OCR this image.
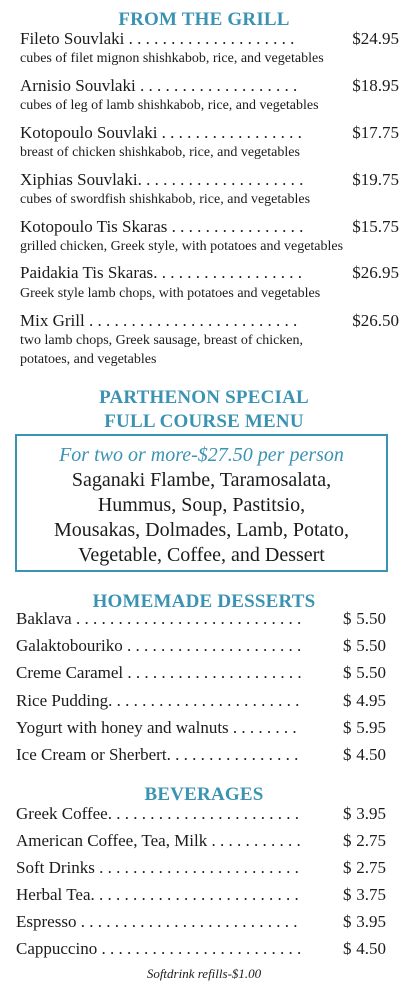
FROM THE GRILL
Fileto Souvlaki . . . . . . . . . . . . . . . . . . . .	$24.95
cubes of filet mignon shishkabob, rice, and vegetables
Arnisio Souvlaki . . . . . . . . . . . . . . . . . . .	$18.95
cubes of leg of lamb shishkabob, rice, and vegetables
Kotopoulo Souvlaki . . . . . . . . . . . . . . . . .	$17.75
breast of chicken shishkabob, rice, and vegetables
Xiphias Souvlaki. . . . . . . . . . . . . . . . . . . .	$19.75
cubes of swordfish shishkabob, rice, and vegetables
Kotopoulo Tis Skaras . . . . . . . . . . . . . . . .	$15.75
grilled chicken, Greek style, with potatoes and vegetables
Paidakia Tis Skaras. . . . . . . . . . . . . . . . . .	$26.95
Greek style lamb chops, with potatoes and vegetables
Mix Grill . . . . . . . . . . . . . . . . . . . . . . . . .	$26.50
two lamb chops, Greek sausage, breast of chicken,
potatoes, and vegetables
PARTHENON SPECIAL
FULL COURSE MENU
For two or more-$27.50 per person
Saganaki Flambe, Taramosalata,
Hummus, Soup, Pastitsio,
Mousakas, Dolmades, Lamb, Potato,
Vegetable, Coffee, and Dessert
HOMEMADE DESSERTS
Baklava . . . . . . . . . . . . . . . . . . . . . . . . . . . $ 5.50
Galaktobouriko . . . . . . . . . . . . . . . . . . . . . $ 5.50
Creme Caramel . . . . . . . . . . . . . . . . . . . . . $ 5.50
Rice Pudding. . . . . . . . . . . . . . . . . . . . . . .	$ 4.95
Yogurt with honey and walnuts . . . . . . . .	$ 5.95
Ice Cream or Sherbert. . . . . . . . . . . . . . . .	$ 4.50
BEVERAGES
Greek Coffee. . . . . . . . . . . . . . . . . . . . . . .	$ 3.95
American Coffee, Tea, Milk . . . . . . . . . . . $ 2.75
Soft Drinks . . . . . . . . . . . . . . . . . . . . . . . .	$ 2.75
Herbal Tea. . . . . . . . . . . . . . . . . . . . . . . . .	$ 3.75
Espresso . . . . . . . . . . . . . . . . . . . . . . . . . .	$ 3.95
Cappuccino . . . . . . . . . . . . . . . . . . . . . . . . $ 4.50
Softdrink refills-$1.00
